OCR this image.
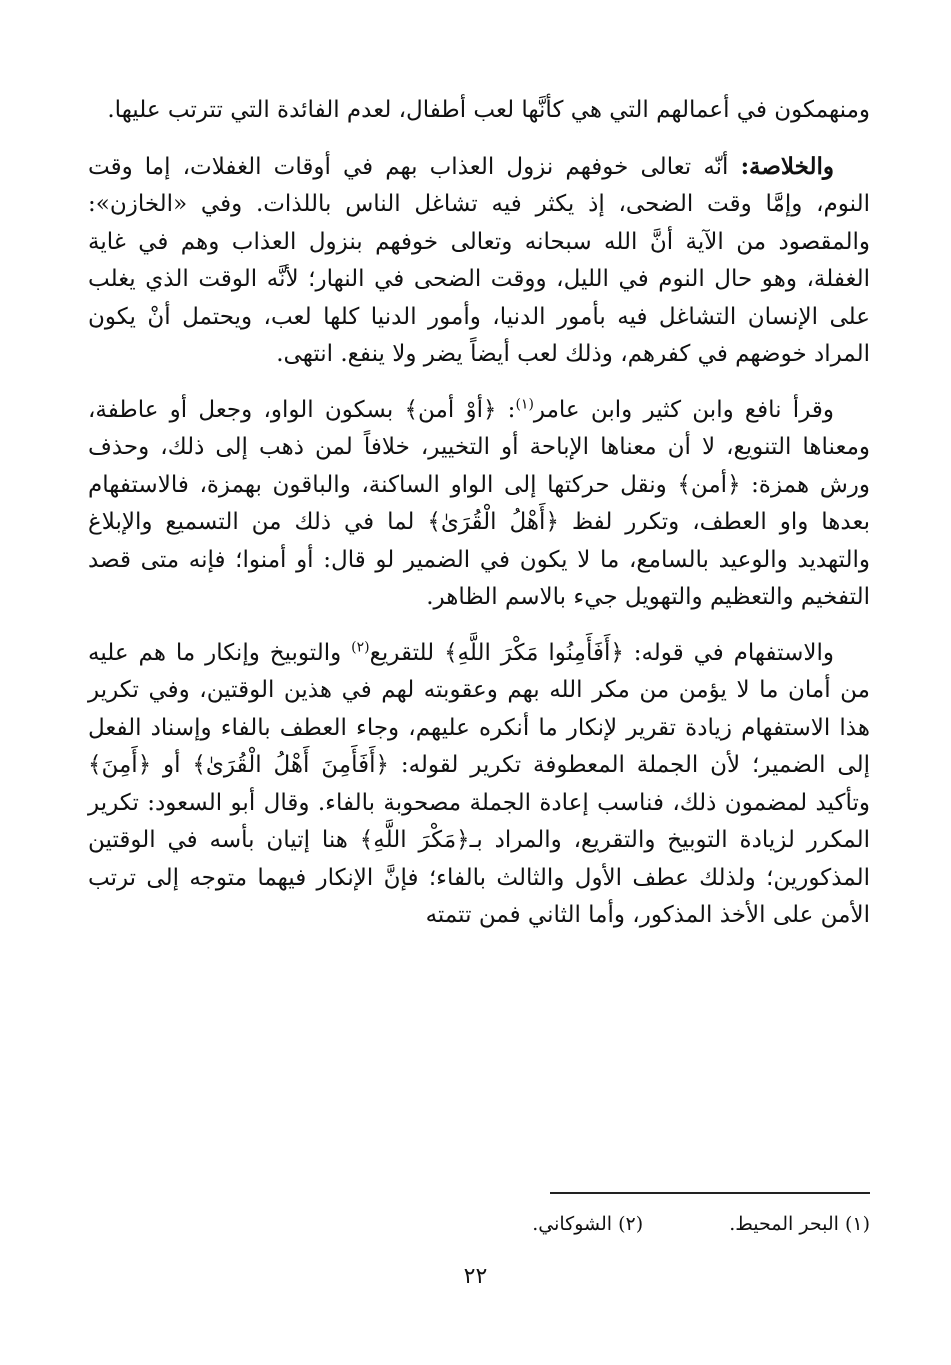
ومنهمكون في أعمالهم التي هي كأنَّها لعب أطفال، لعدم الفائدة التي تترتب عليها.

والخلاصة: أنّه تعالى خوفهم نزول العذاب بهم في أوقات الغفلات، إما وقت النوم، وإمَّا وقت الضحى، إذ يكثر فيه تشاغل الناس باللذات. وفي «الخازن»: والمقصود من الآية أنَّ الله سبحانه وتعالى خوفهم بنزول العذاب وهم في غاية الغفلة، وهو حال النوم في الليل، ووقت الضحى في النهار؛ لأنَّه الوقت الذي يغلب على الإنسان التشاغل فيه بأمور الدنيا، وأمور الدنيا كلها لعب، ويحتمل أنْ يكون المراد خوضهم في كفرهم، وذلك لعب أيضاً يضر ولا ينفع. انتهى.

وقرأ نافع وابن كثير وابن عامر$^{(١)}$: ﴿أوْ أمن﴾ بسكون الواو، وجعل أو عاطفة، ومعناها التنويع، لا أن معناها الإباحة أو التخيير، خلافاً لمن ذهب إلى ذلك، وحذف ورش همزة: ﴿أمن﴾ ونقل حركتها إلى الواو الساكنة، والباقون بهمزة، فالاستفهام بعدها واو العطف، وتكرر لفظ ﴿أَهْلُ الْقُرَىٰ﴾ لما في ذلك من التسميع والإبلاغ والتهديد والوعيد بالسامع، ما لا يكون في الضمير لو قال: أو أمنوا؛ فإنه متى قصد التفخيم والتعظيم والتهويل جيء بالاسم الظاهر.

والاستفهام في قوله: ﴿أَفَأَمِنُوا مَكْرَ اللَّهِ﴾ للتقريع$^{(٢)}$ والتوبيخ وإنكار ما هم عليه من أمان ما لا يؤمن من مكر الله بهم وعقوبته لهم في هذين الوقتين، وفي تكرير هذا الاستفهام زيادة تقرير لإنكار ما أنكره عليهم، وجاء العطف بالفاء وإسناد الفعل إلى الضمير؛ لأن الجملة المعطوفة تكرير لقوله: ﴿أَفَأَمِنَ أَهْلُ الْقُرَىٰ﴾ أو ﴿أَمِنَ﴾ وتأكيد لمضمون ذلك، فناسب إعادة الجملة مصحوبة بالفاء. وقال أبو السعود: تكرير المكرر لزيادة التوبيخ والتقريع، والمراد بـ﴿مَكْرَ اللَّهِ﴾ هنا إتيان بأسه في الوقتين المذكورين؛ ولذلك عطف الأول والثالث بالفاء؛ فإنَّ الإنكار فيهما متوجه إلى ترتب الأمن على الأخذ المذكور، وأما الثاني فمن تتمته

(١) البحر المحيط. (٢) الشوكاني.
٢٢
